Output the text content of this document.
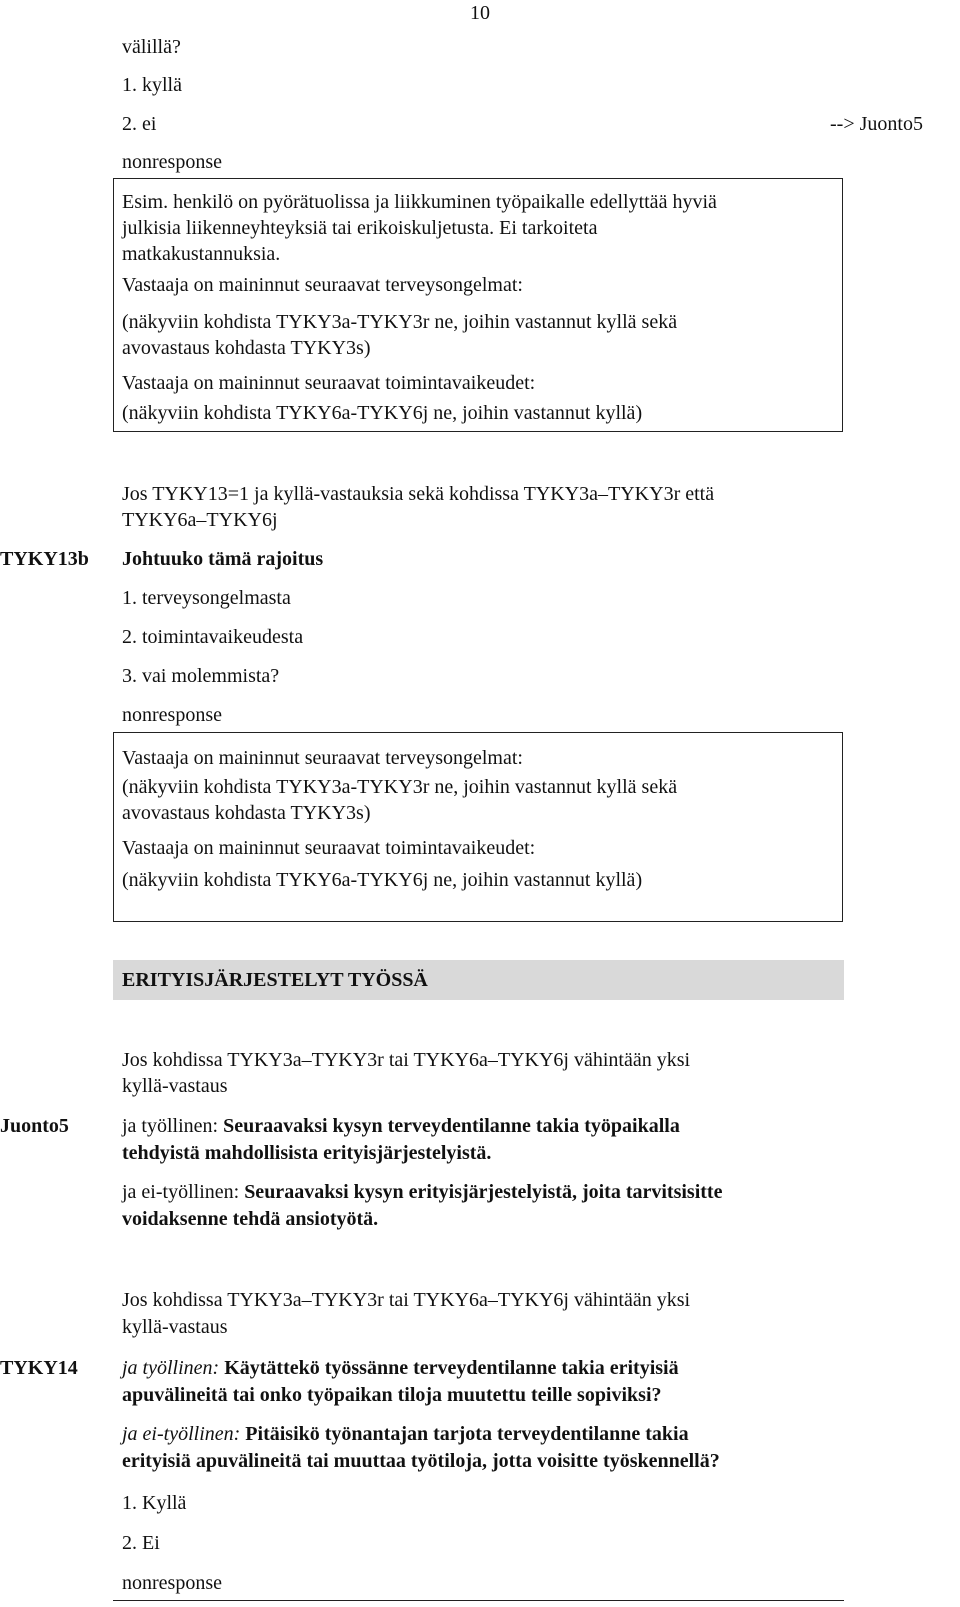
10
välillä?
1. kyllä
2. ei	--> Juonto5
nonresponse
Esim. henkilö on pyörätuolissa ja liikkuminen työpaikalle edellyttää hyviä
julkisia liikenneyhteyksiä tai erikoiskuljetusta. Ei tarkoiteta
matkakustannuksia.
Vastaaja on maininnut seuraavat terveysongelmat:
(näkyviin kohdista TYKY3a-TYKY3r ne, joihin vastannut kyllä sekä
avovastaus kohdasta TYKY3s)
Vastaaja on maininnut seuraavat toimintavaikeudet:
(näkyviin kohdista TYKY6a-TYKY6j ne, joihin vastannut kyllä)
Jos TYKY13=1 ja kyllä-vastauksia sekä kohdissa TYKY3a–TYKY3r että
TYKY6a–TYKY6j
TYKY13b Johtuuko tämä rajoitus
1. terveysongelmasta
2. toimintavaikeudesta
3. vai molemmista?
nonresponse
Vastaaja on maininnut seuraavat terveysongelmat:
(näkyviin kohdista TYKY3a-TYKY3r ne, joihin vastannut kyllä sekä
avovastaus kohdasta TYKY3s)
Vastaaja on maininnut seuraavat toimintavaikeudet:
(näkyviin kohdista TYKY6a-TYKY6j ne, joihin vastannut kyllä)
ERITYISJÄRJESTELYT TYÖSSÄ
Jos kohdissa TYKY3a–TYKY3r tai TYKY6a–TYKY6j vähintään yksi
kyllä-vastaus
Juonto5	ja työllinen: Seuraavaksi kysyn terveydentilanne takia työpaikalla
tehdyistä mahdollisista erityisjärjestelyistä.
ja ei-työllinen: Seuraavaksi kysyn erityisjärjestelyistä, joita tarvitsisitte
voidaksenne tehdä ansiotyötä.
Jos kohdissa TYKY3a–TYKY3r tai TYKY6a–TYKY6j vähintään yksi
kyllä-vastaus
TYKY14 ja työllinen: Käytättekö työssänne terveydentilanne takia erityisiä
apuvälineitä tai onko työpaikan tiloja muutettu teille sopiviksi?
ja ei-työllinen: Pitäisikö työnantajan tarjota terveydentilanne takia
erityisiä apuvälineitä tai muuttaa työtiloja, jotta voisitte työskennellä?
1. Kyllä
2. Ei
nonresponse
